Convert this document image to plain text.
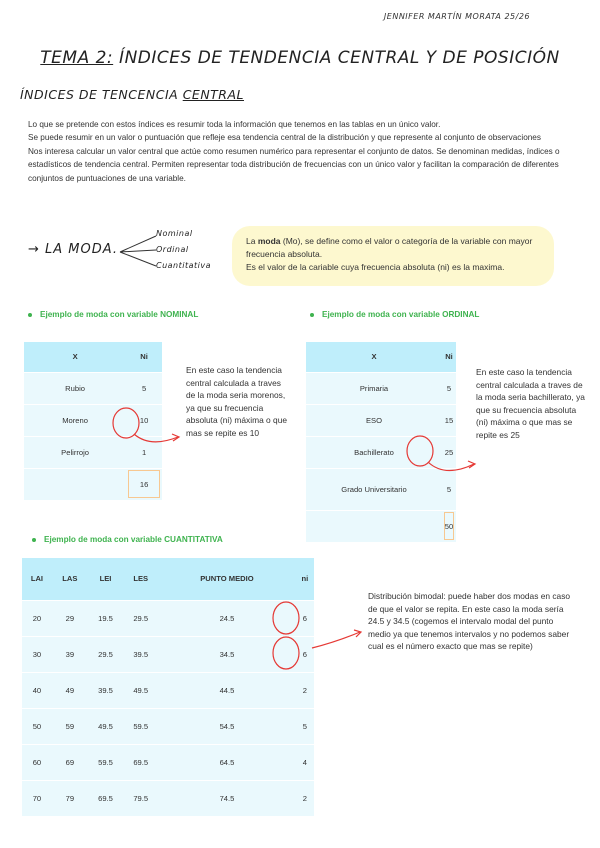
JENNIFER MARTÍN MORATA 25/26
TEMA 2: ÍNDICES DE TENDENCIA CENTRAL Y DE POSICIÓN
ÍNDICES DE TENCENCIA CENTRAL

Lo que se pretende con estos índices es resumir toda la información que tenemos en las tablas en un único valor.

Se puede resumir en un valor o puntuación que refleje esa tendencia central de la distribución y que represente al conjunto de observaciones

Nos interesa calcular un valor central que actúe como resumen numérico para representar el conjunto de datos. Se denominan medidas, índices o estadísticos de tendencia central. Permiten representar toda distribución de frecuencias con un único valor y facilitan la comparación de diferentes conjuntos de puntuaciones de una variable.

→ LA MODA.
Nominal
Ordinal
Cuantitativa
La moda (Mo), se define como el valor o categoría de la variable con mayor frecuencia absoluta.
Es el valor de la cariable cuya frecuencia absoluta (ni) es la maxima.
Ejemplo de moda con variable NOMINAL	Ejemplo de moda con variable ORDINAL
Ejemplo de moda con variable CUANTITATIVA
X	Ni
Rubio	5
Moreno	10
Pelirrojo	1
	16
En este caso la tendencia central calculada a traves de la moda seria morenos, ya que su frecuencia absoluta (ni) máxima o que mas se repite es 10
X	Ni
Primaria	5
ESO	15
Bachillerato	25
Grado Universitario	5
	50
En este caso la tendencia central calculada a traves de la moda seria bachillerato, ya que su frecuencia absoluta (ni) máxima o que mas se repite es 25
LAI	LAS	LEI	LES	PUNTO MEDIO	ni
20	29	19.5	29.5	24.5	6
30	39	29.5	39.5	34.5	6
40	49	39.5	49.5	44.5	2
50	59	49.5	59.5	54.5	5
60	69	59.5	69.5	64.5	4
70	79	69.5	79.5	74.5	2
Distribución bimodal: puede haber dos modas en caso de que el valor se repita. En este caso la moda sería 24.5 y 34.5 (cogemos el intervalo modal del punto medio ya que tenemos intervalos y no podemos saber cual es el número exacto que mas se repite)
